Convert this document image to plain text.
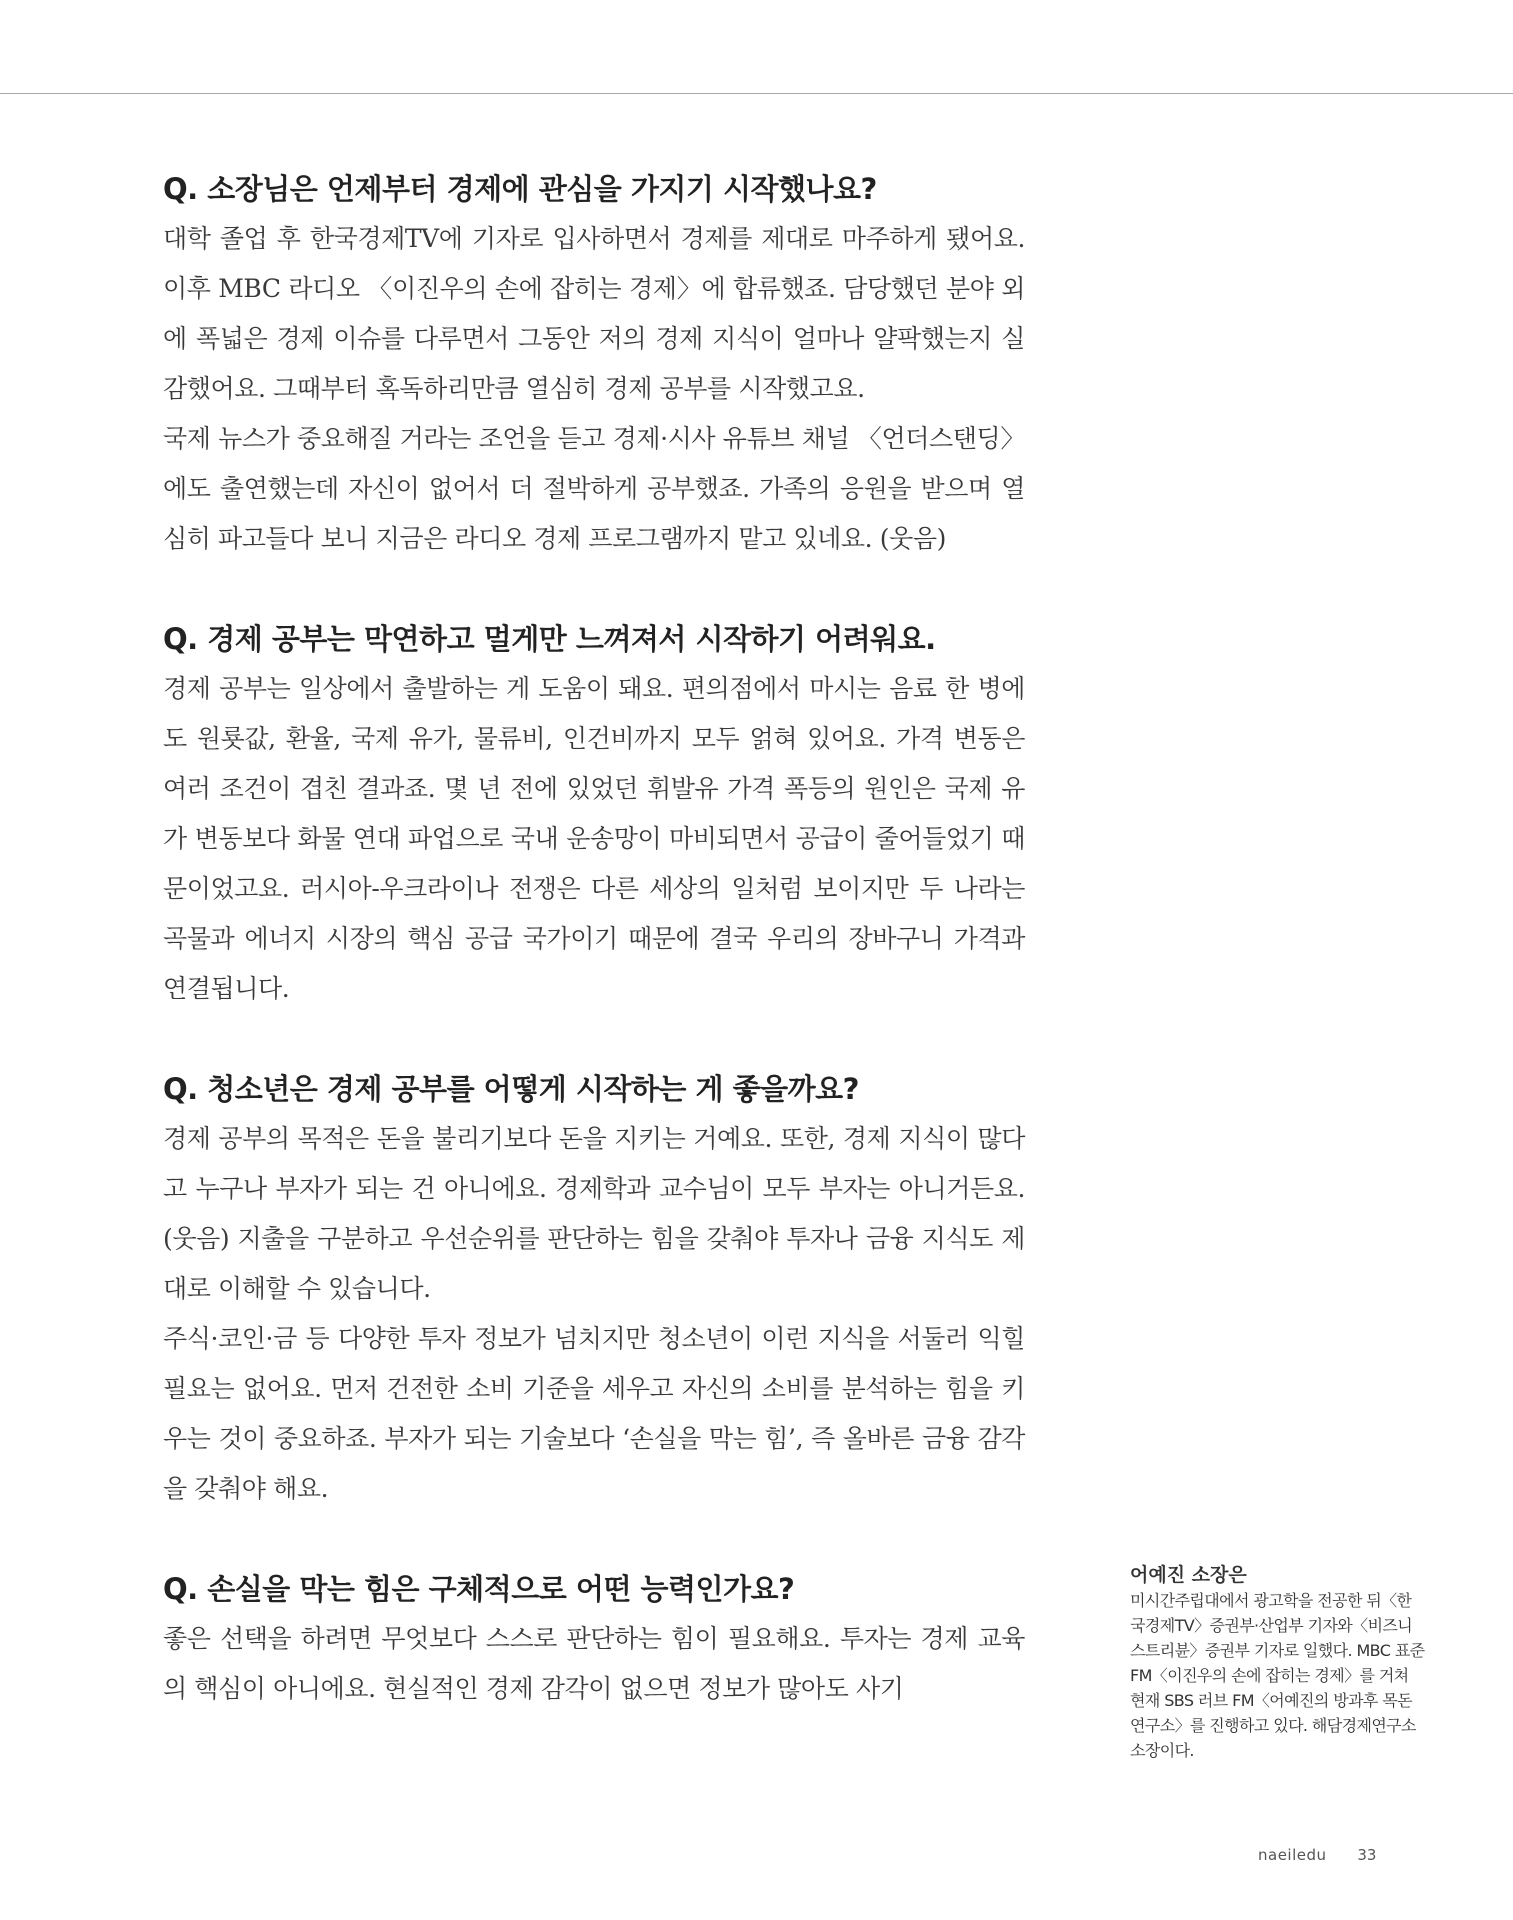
Q. 소장님은 언제부터 경제에 관심을 가지기 시작했나요?

대학 졸업 후 한국경제TV에 기자로 입사하면서 경제를 제대로 마주하게 됐어요. 이후 MBC 라디오 〈이진우의 손에 잡히는 경제〉에 합류했죠. 담당했던 분야 외에 폭넓은 경제 이슈를 다루면서 그동안 저의 경제 지식이 얼마나 얄팍했는지 실감했어요. 그때부터 혹독하리만큼 열심히 경제 공부를 시작했고요.

국제 뉴스가 중요해질 거라는 조언을 듣고 경제·시사 유튜브 채널 〈언더스탠딩〉에도 출연했는데 자신이 없어서 더 절박하게 공부했죠. 가족의 응원을 받으며 열심히 파고들다 보니 지금은 라디오 경제 프로그램까지 맡고 있네요. (웃음)

Q. 경제 공부는 막연하고 멀게만 느껴져서 시작하기 어려워요.

경제 공부는 일상에서 출발하는 게 도움이 돼요. 편의점에서 마시는 음료 한 병에도 원룟값, 환율, 국제 유가, 물류비, 인건비까지 모두 얽혀 있어요. 가격 변동은 여러 조건이 겹친 결과죠. 몇 년 전에 있었던 휘발유 가격 폭등의 원인은 국제 유가 변동보다 화물 연대 파업으로 국내 운송망이 마비되면서 공급이 줄어들었기 때문이었고요. 러시아-우크라이나 전쟁은 다른 세상의 일처럼 보이지만 두 나라는 곡물과 에너지 시장의 핵심 공급 국가이기 때문에 결국 우리의 장바구니 가격과 연결됩니다.

Q. 청소년은 경제 공부를 어떻게 시작하는 게 좋을까요?

경제 공부의 목적은 돈을 불리기보다 돈을 지키는 거예요. 또한, 경제 지식이 많다고 누구나 부자가 되는 건 아니에요. 경제학과 교수님이 모두 부자는 아니거든요. (웃음) 지출을 구분하고 우선순위를 판단하는 힘을 갖춰야 투자나 금융 지식도 제대로 이해할 수 있습니다.

주식·코인·금 등 다양한 투자 정보가 넘치지만 청소년이 이런 지식을 서둘러 익힐 필요는 없어요. 먼저 건전한 소비 기준을 세우고 자신의 소비를 분석하는 힘을 키우는 것이 중요하죠. 부자가 되는 기술보다 ‘손실을 막는 힘’, 즉 올바른 금융 감각을 갖춰야 해요.

Q. 손실을 막는 힘은 구체적으로 어떤 능력인가요?

좋은 선택을 하려면 무엇보다 스스로 판단하는 힘이 필요해요. 투자는 경제 교육의 핵심이 아니에요. 현실적인 경제 감각이 없으면 정보가 많아도 사기

어예진 소장은

미시간주립대에서 광고학을 전공한 뒤〈한국경제TV〉증권부·산업부 기자와〈비즈니스트리뷴〉증권부 기자로 일했다. MBC 표준 FM〈이진우의 손에 잡히는 경제〉를 거쳐 현재 SBS 러브 FM〈어예진의 방과후 목돈연구소〉를 진행하고 있다. 해담경제연구소 소장이다.

naeiledu 33
